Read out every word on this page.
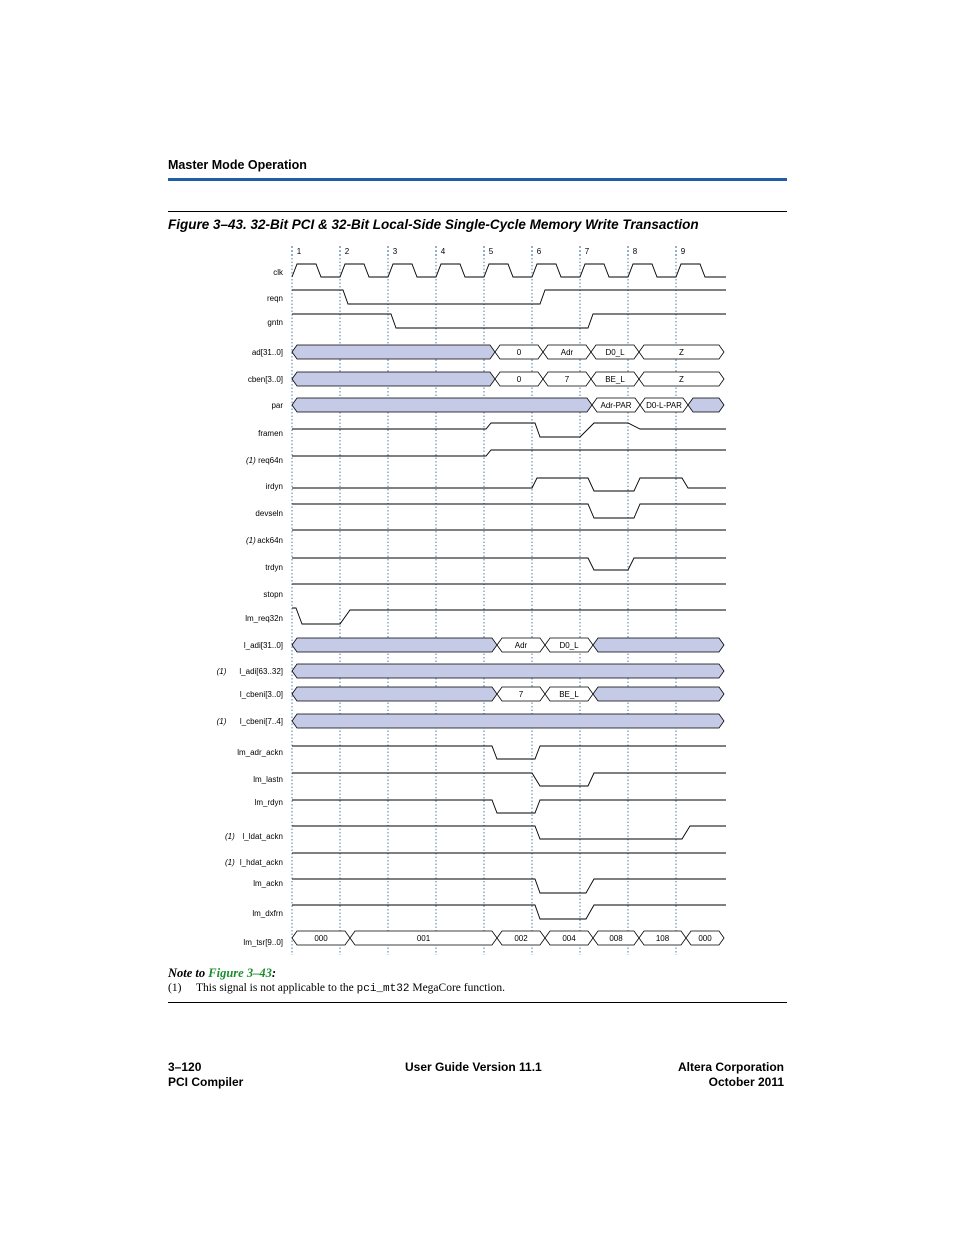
Master Mode Operation
Figure 3–43. 32-Bit PCI & 32-Bit Local-Side Single-Cycle Memory Write Transaction
1	2	3	4	5	6	7	8	9
clk
reqn
gntn
ad[31..0]
cben[3..0]
par
framen
req64n
(1)
irdyn
devseln
ack64n
(1)
trdyn
stopn
lm_req32n
l_adi[31..0]
l_adi[63..32]
(1)
l_cbeni[3..0]
l_cbeni[7..4]
(1)
lm_adr_ackn
lm_lastn
lm_rdyn
l_ldat_ackn
(1)
l_hdat_ackn
(1)
lm_ackn
lm_dxfrn
lm_tsr[9..0]
0	Adr	D0_L	Z
0	7	BE_L	Z
Adr-PAR D0-L-PAR
Adr	D0_L
7	BE_L
000	001	002	004	008	108	000
Note to Figure 3–43:
(1) This signal is not applicable to the pci_mt32 MegaCore function.
3–120
PCI Compiler
User Guide Version 11.1	Altera Corporation
October 2011
